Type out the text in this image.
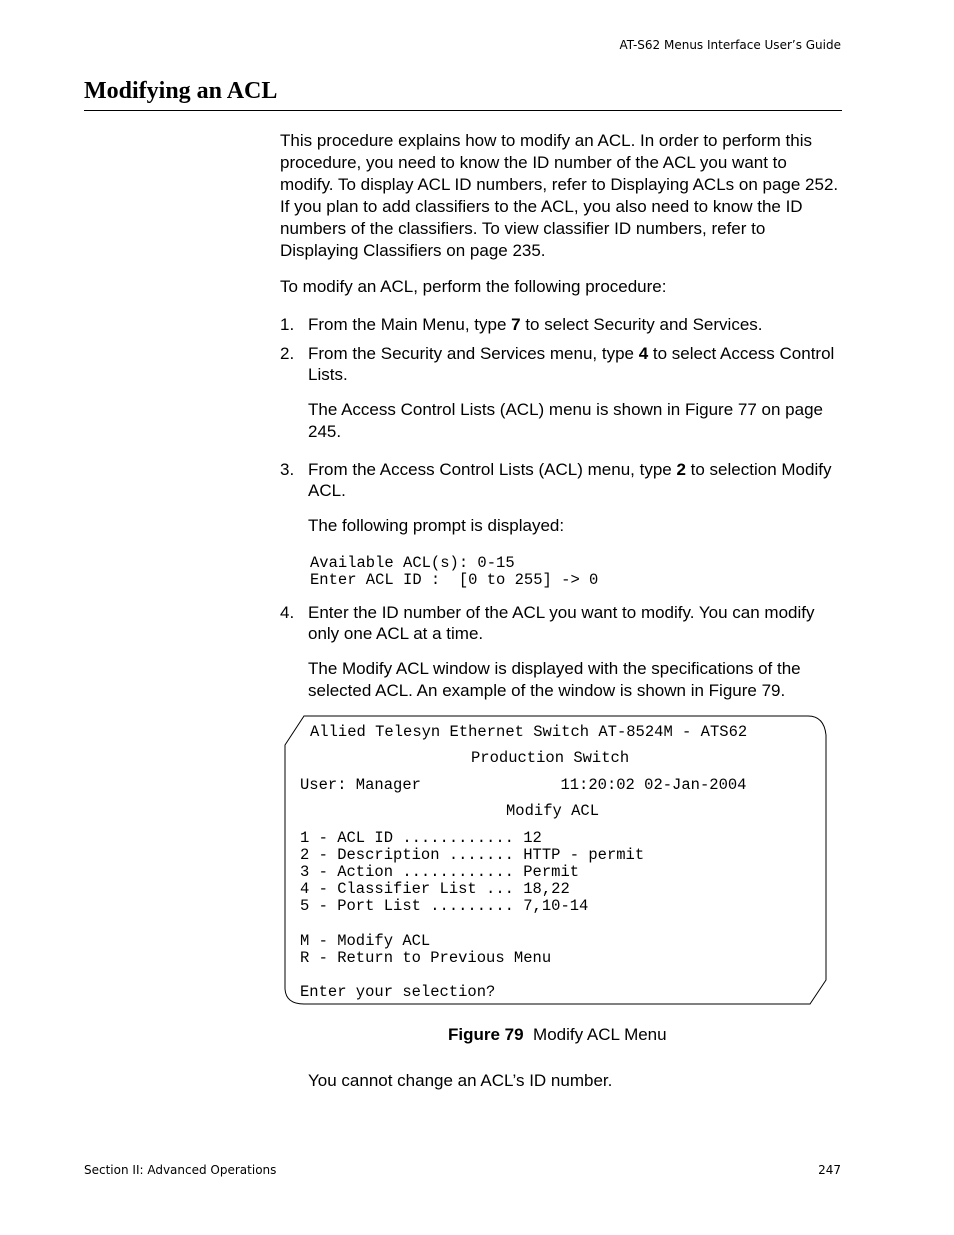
AT-S62 Menus Interface User’s Guide
Modifying an ACL

This procedure explains how to modify an ACL. In order to perform this procedure, you need to know the ID number of the ACL you want to modify. To display ACL ID numbers, refer to Displaying ACLs on page 252. If you plan to add classifiers to the ACL, you also need to know the ID numbers of the classifiers. To view classifier ID numbers, refer to Displaying Classifiers on page 235.

To modify an ACL, perform the following procedure:

1. From the Main Menu, type 7 to select Security and Services.
2. From the Security and Services menu, type 4 to select Access Control Lists.

The Access Control Lists (ACL) menu is shown in Figure 77 on page 245.

3. From the Access Control Lists (ACL) menu, type 2 to selection Modify ACL.

The following prompt is displayed:

Available ACL(s): 0-15
Enter ACL ID :  [0 to 255] -> 0
4. Enter the ID number of the ACL you want to modify. You can modify only one ACL at a time.

The Modify ACL window is displayed with the specifications of the selected ACL. An example of the window is shown in Figure 79.

Allied Telesyn Ethernet Switch AT-8524M - ATS62
Production Switch
User: Manager               11:20:02 02-Jan-2004
Modify ACL
1 - ACL ID ............ 12
2 - Description ....... HTTP - permit
3 - Action ............ Permit
4 - Classifier List ... 18,22
5 - Port List ......... 7,10-14
M - Modify ACL
R - Return to Previous Menu
Enter your selection?
Figure 79 Modify ACL Menu

You cannot change an ACL’s ID number.

Section II: Advanced Operations	247
